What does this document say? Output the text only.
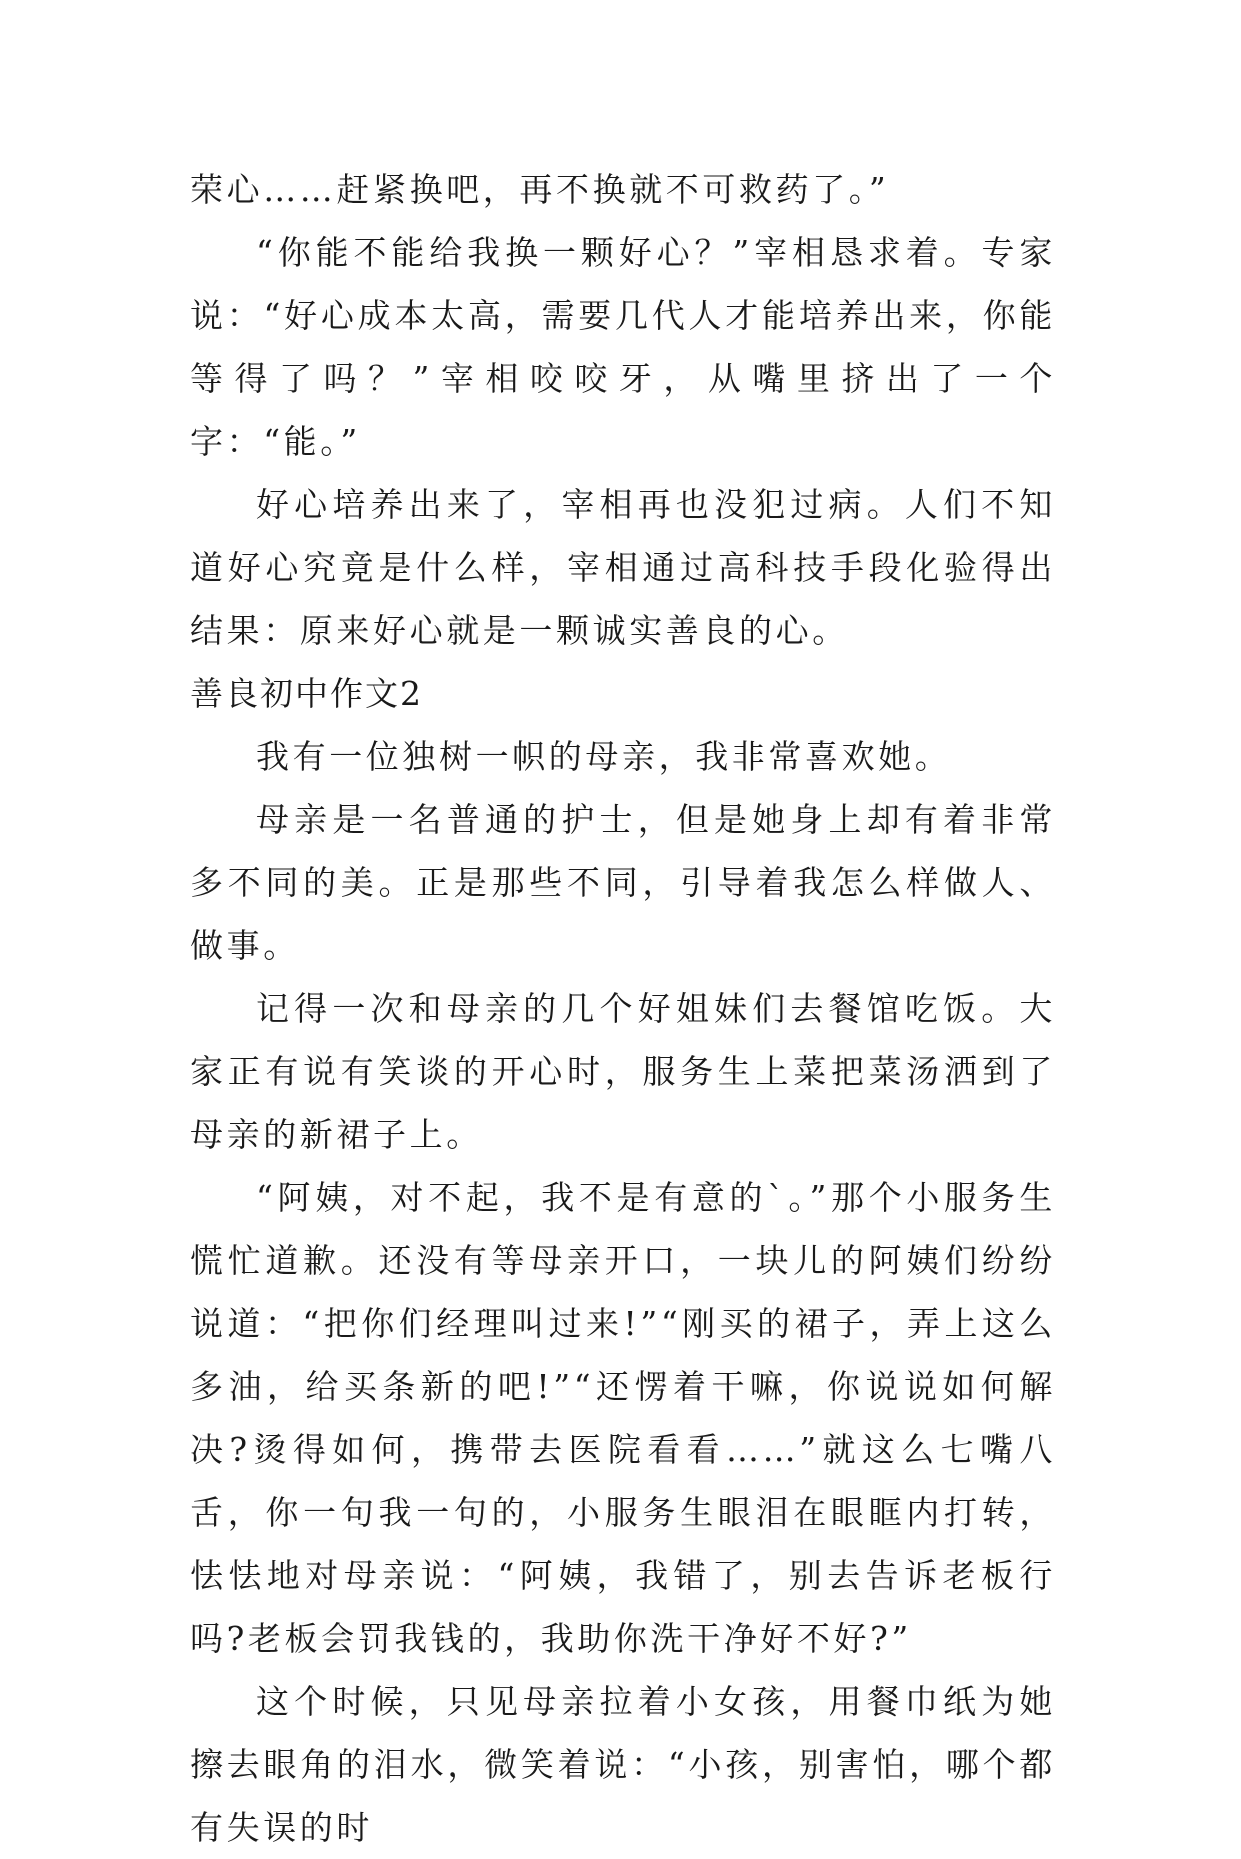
荣心……赶紧换吧，再不换就不可救药了。”

“你能不能给我换一颗好心？”宰相恳求着。专家说：“好心成本太高，需要几代人才能培养出来，你能等得了吗？”宰相咬咬牙，从嘴里挤出了一个字：“能。”

好心培养出来了，宰相再也没犯过病。人们不知道好心究竟是什么样，宰相通过高科技手段化验得出结果：原来好心就是一颗诚实善良的心。

善良初中作文2

我有一位独树一帜的母亲，我非常喜欢她。

母亲是一名普通的护士，但是她身上却有着非常多不同的美。正是那些不同，引导着我怎么样做人、做事。

记得一次和母亲的几个好姐妹们去餐馆吃饭。大家正有说有笑谈的开心时，服务生上菜把菜汤洒到了母亲的新裙子上。

“阿姨，对不起，我不是有意的`。”那个小服务生慌忙道歉。还没有等母亲开口，一块儿的阿姨们纷纷说道：“把你们经理叫过来!”“刚买的裙子，弄上这么多油，给买条新的吧!”“还愣着干嘛，你说说如何解决?烫得如何，携带去医院看看……”就这么七嘴八舌，你一句我一句的，小服务生眼泪在眼眶内打转，怯怯地对母亲说：“阿姨，我错了，别去告诉老板行吗?老板会罚我钱的，我助你洗干净好不好?”

这个时候，只见母亲拉着小女孩，用餐巾纸为她擦去眼角的泪水，微笑着说：“小孩，别害怕，哪个都有失误的时
